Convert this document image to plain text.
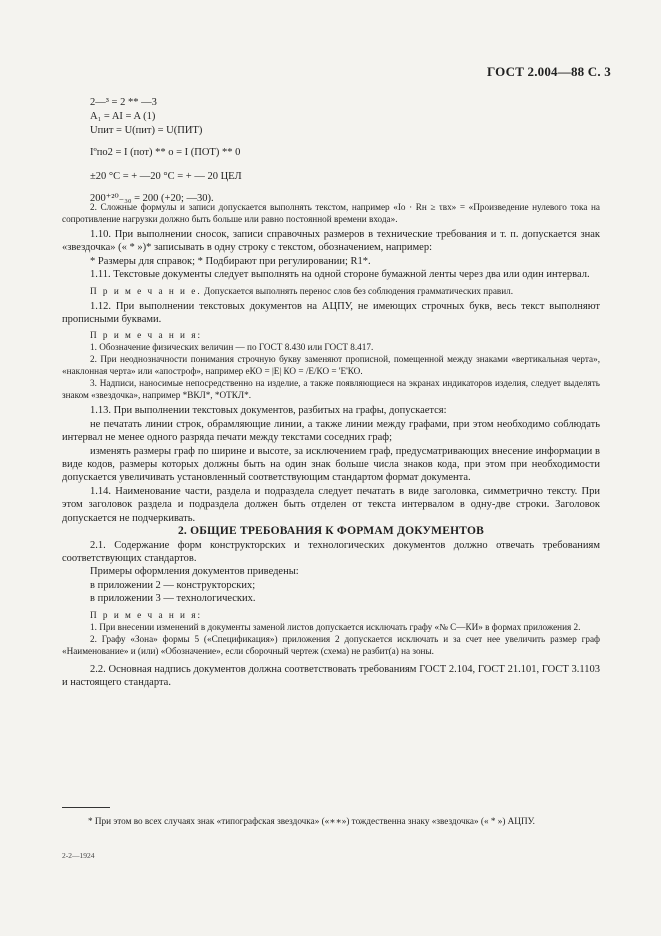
ГОСТ 2.004—88 С. 3
2—³ = 2 ** —3
A₁ = AI = A (1)
Uпит = U(пит) = U(ПИТ)
Iºпо2 = I (пот) ** о = I (ПОТ) ** 0
±20 °C = + —20 °C = + — 20 ЦЕЛ
200⁺²⁰₋₃₀ = 200 (+20; —30).

2. Сложные формулы и записи допускается выполнять текстом, например «Iо · Rн ≥ τвх» = «Произведение нулевого тока на сопротивление нагрузки должно быть больше или равно постоянной времени входа».

1.10. При выполнении сносок, записи справочных размеров в технические требования и т. п. допускается знак «звездочка» (« * »)* записывать в одну строку с текстом, обозначением, например:

* Размеры для справок; * Подбирают при регулировании; R1*.

1.11. Текстовые документы следует выполнять на одной стороне бумажной ленты через два или один интервал.

П р и м е ч а н и е. Допускается выполнять перенос слов без соблюдения грамматических правил.

1.12. При выполнении текстовых документов на АЦПУ, не имеющих строчных букв, весь текст выполняют прописными буквами.

П р и м е ч а н и я:

1. Обозначение физических величин — по ГОСТ 8.430 или ГОСТ 8.417.

2. При неоднозначности понимания строчную букву заменяют прописной, помещенной между знаками «вертикальная черта», «наклонная черта» или «апостроф», например eКО = |E| КО = /E/КО = 'E'КО.

3. Надписи, наносимые непосредственно на изделие, а также появляющиеся на экранах индикаторов изделия, следует выделять знаком «звездочка», например *ВКЛ*, *ОТКЛ*.

1.13. При выполнении текстовых документов, разбитых на графы, допускается:

не печатать линии строк, обрамляющие линии, а также линии между графами, при этом необходимо соблюдать интервал не менее одного разряда печати между текстами соседних граф;

изменять размеры граф по ширине и высоте, за исключением граф, предусматривающих внесение информации в виде кодов, размеры которых должны быть на один знак больше числа знаков кода, при этом при необходимости допускается увеличивать установленный соответствующим стандартом формат документа.

1.14. Наименование части, раздела и подраздела следует печатать в виде заголовка, симметрично тексту. При этом заголовок раздела и подраздела должен быть отделен от текста интервалом в одну-две строки. Заголовок допускается не подчеркивать.

2. ОБЩИЕ ТРЕБОВАНИЯ К ФОРМАМ ДОКУМЕНТОВ

2.1. Содержание форм конструкторских и технологических документов должно отвечать требованиям соответствующих стандартов.

Примеры оформления документов приведены:

в приложении 2 — конструкторских;

в приложении 3 — технологических.

П р и м е ч а н и я:

1. При внесении изменений в документы заменой листов допускается исключать графу «№ С—КИ» в формах приложения 2.

2. Графу «Зона» формы 5 («Спецификация») приложения 2 допускается исключать и за счет нее увеличить размер граф «Наименование» и (или) «Обозначение», если сборочный чертеж (схема) не разбит(а) на зоны.

2.2. Основная надпись документов должна соответствовать требованиям ГОСТ 2.104, ГОСТ 21.101, ГОСТ 3.1103 и настоящего стандарта.

* При этом во всех случаях знак «типографская звездочка» («∗∗») тождественна знаку «звездочка» (« * ») АЦПУ.

2-2—1924
